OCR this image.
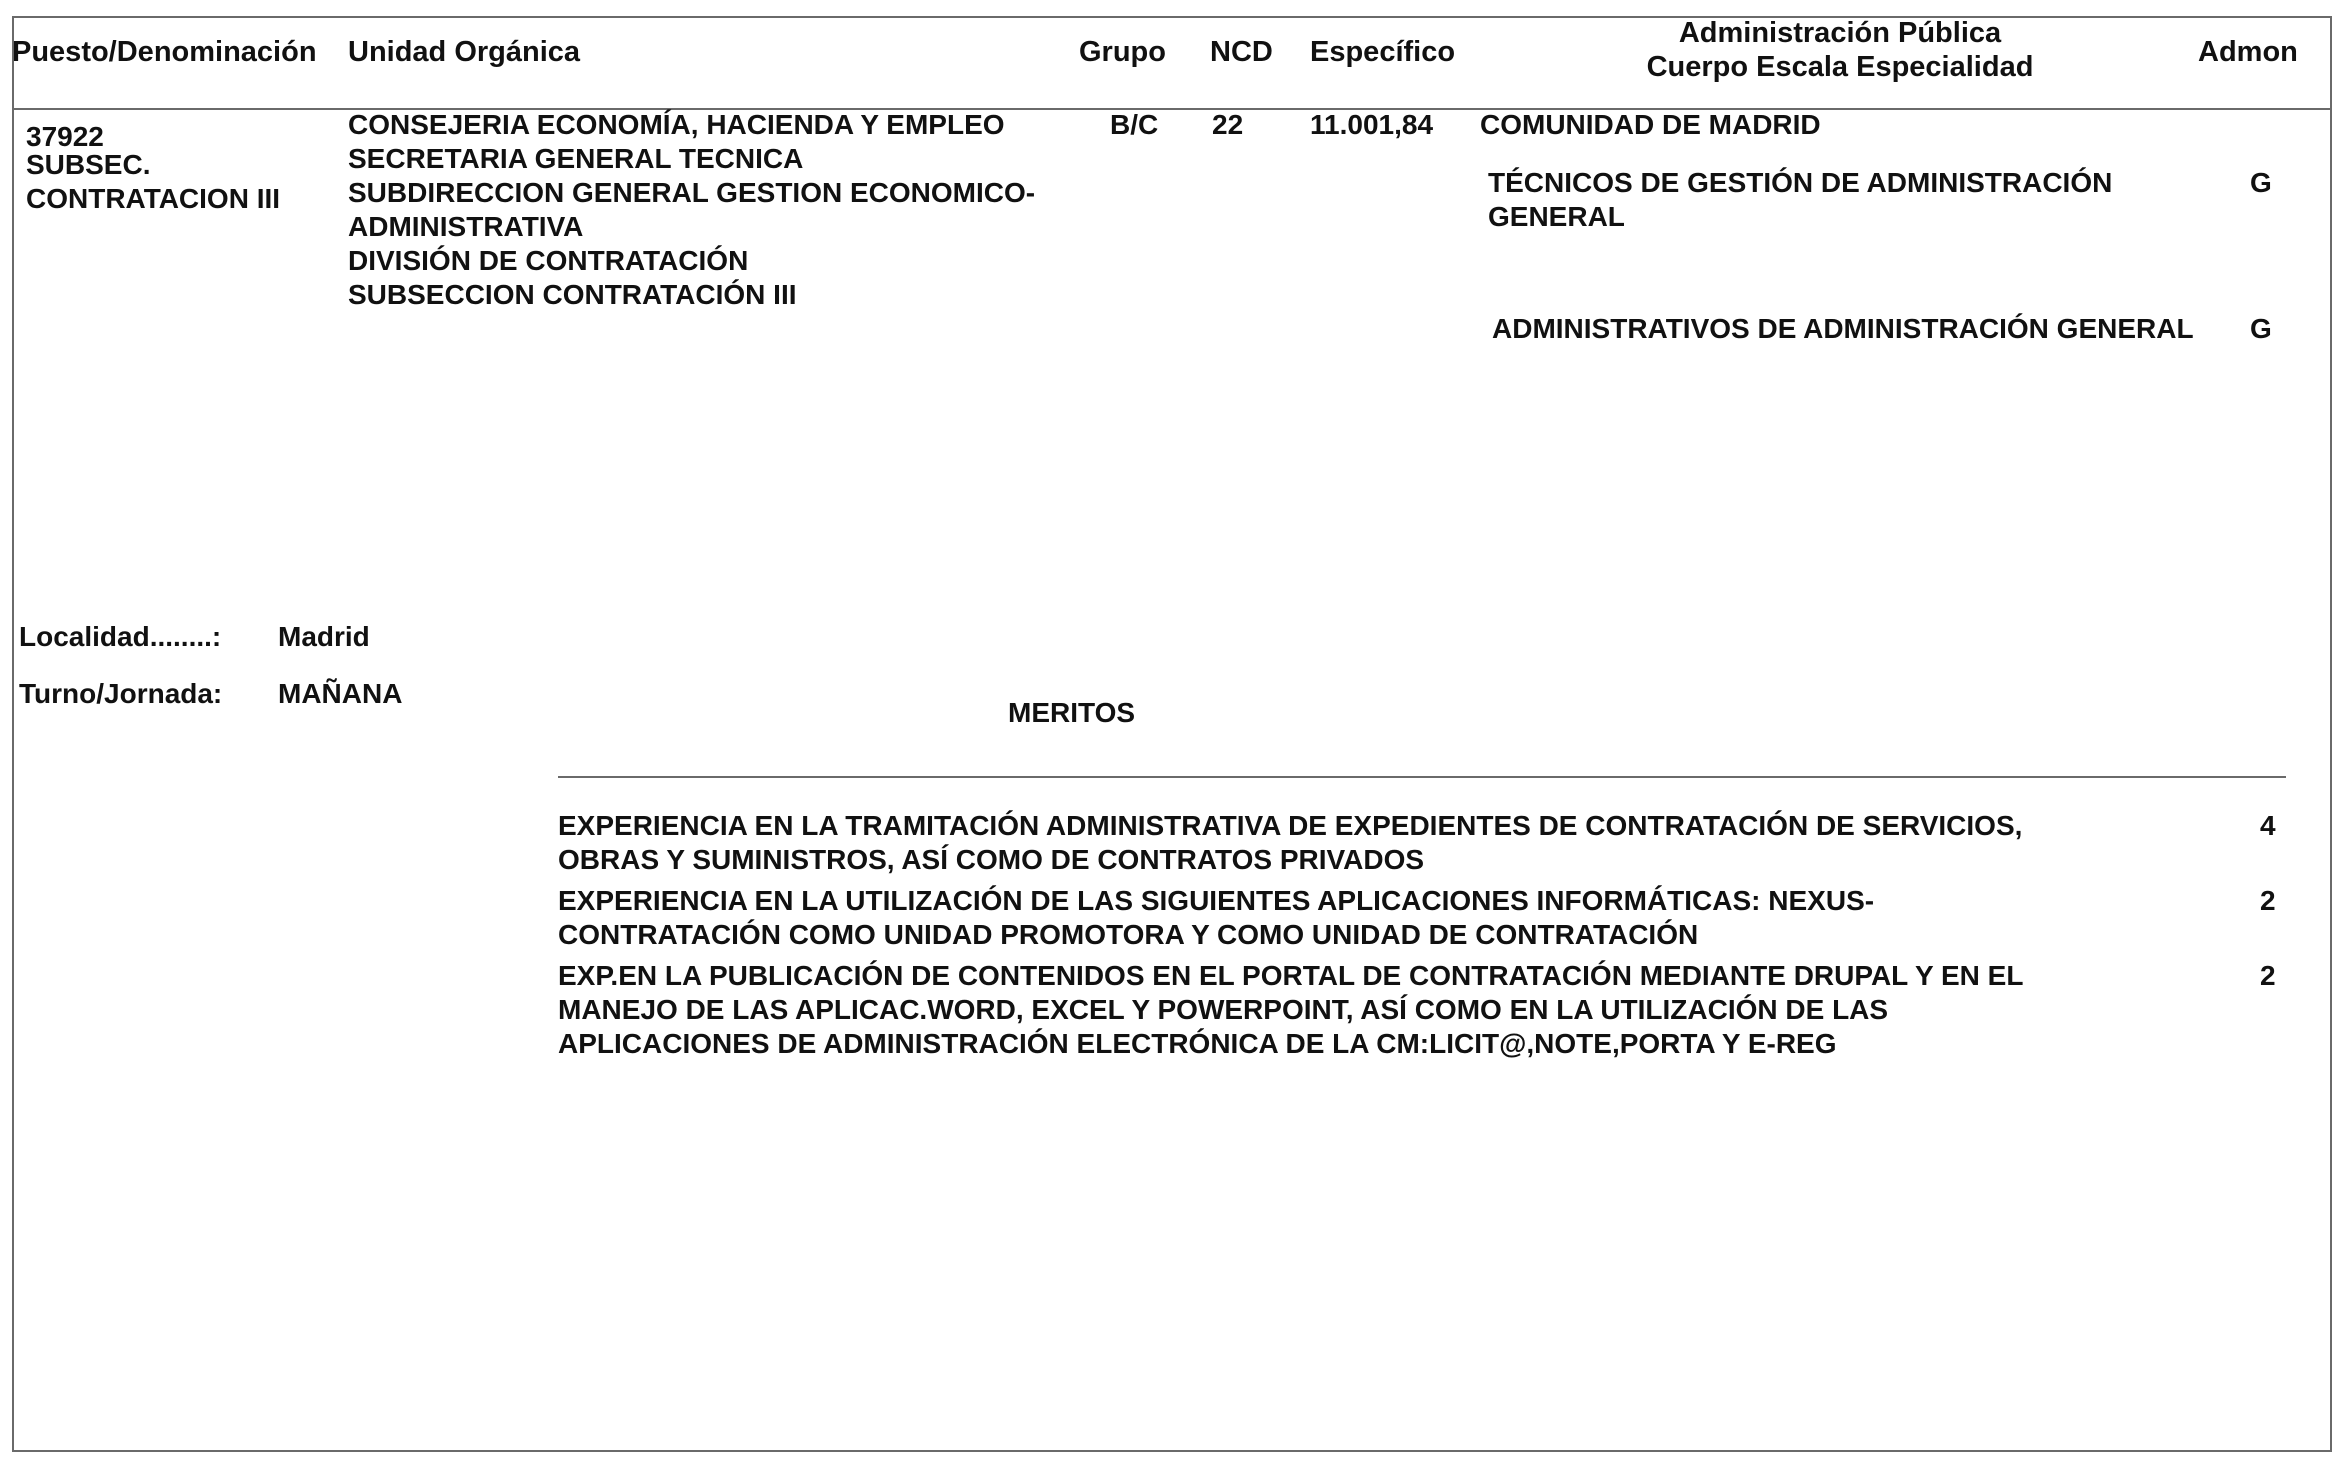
Puesto/Denominación Unidad Orgánica	Grupo NCD Específico
Administración Pública
Cuerpo Escala Especialidad	Admon
37922
SUBSEC.
CONTRATACION III
CONSEJERIA ECONOMÍA, HACIENDA Y EMPLEO
SECRETARIA GENERAL TECNICA
SUBDIRECCION GENERAL GESTION ECONOMICO-
ADMINISTRATIVA
DIVISIÓN DE CONTRATACIÓN
SUBSECCION CONTRATACIÓN III
B/C 22 11.001,84 COMUNIDAD DE MADRID
TÉCNICOS DE GESTIÓN DE ADMINISTRACIÓN
GENERAL
G
ADMINISTRATIVOS DE ADMINISTRACIÓN GENERAL G
Localidad........: Madrid
Turno/Jornada: MAÑANA
MERITOS
EXPERIENCIA EN LA TRAMITACIÓN ADMINISTRATIVA DE EXPEDIENTES DE CONTRATACIÓN DE SERVICIOS,
OBRAS Y SUMINISTROS, ASÍ COMO DE CONTRATOS PRIVADOS
4
EXPERIENCIA EN LA UTILIZACIÓN DE LAS SIGUIENTES APLICACIONES INFORMÁTICAS: NEXUS-
CONTRATACIÓN COMO UNIDAD PROMOTORA Y COMO UNIDAD DE CONTRATACIÓN
2
EXP.EN LA PUBLICACIÓN DE CONTENIDOS EN EL PORTAL DE CONTRATACIÓN MEDIANTE DRUPAL Y EN EL
MANEJO DE LAS APLICAC.WORD, EXCEL Y POWERPOINT, ASÍ COMO EN LA UTILIZACIÓN DE LAS
APLICACIONES DE ADMINISTRACIÓN ELECTRÓNICA DE LA CM:LICIT@,NOTE,PORTA Y E-REG
2
